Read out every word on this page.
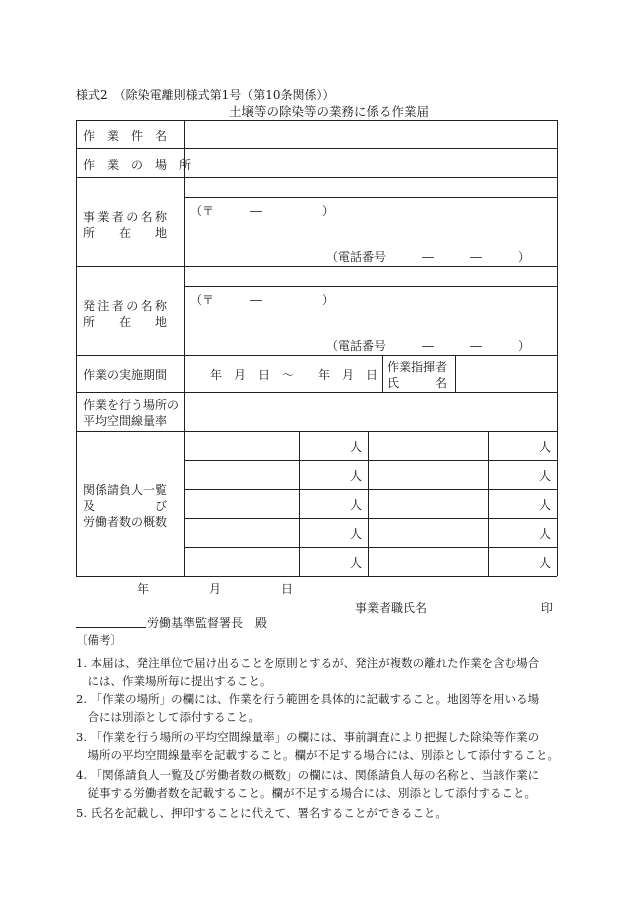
様式2　（除染電離則様式第1号（第10条関係））
土壌等の除染等の業務に係る作業届
作　業　件　名
作　業　の　場　所
事 業 者 の 名 称
所　　在　　地
（〒　　　―　　　　　）
（電話番号　　　―　　　―　　　）
発 注 者 の 名 称
所　　在　　地
（〒　　　―　　　　　）
（電話番号　　　―　　　―　　　）
作業の実施期間	年　月　日　〜　　年　月　日
作業指揮者
氏　　　名
作業を行う場所の
平均空間線量率
関係請負人一覧
及　　　　　び
労働者数の概数
人
人
人
人
人
人
人
人
人
人
年　　　　　月　　　　　日
事業者職氏名	印
労働基準監督署長　殿
〔備考〕
1. 本届は、発注単位で届け出ることを原則とするが、発注が複数の離れた作業を含む場合
　には、作業場所毎に提出すること。
2. 「作業の場所」の欄には、作業を行う範囲を具体的に記載すること。地図等を用いる場
　合には別添として添付すること。
3. 「作業を行う場所の平均空間線量率」の欄には、事前調査により把握した除染等作業の
　場所の平均空間線量率を記載すること。欄が不足する場合には、別添として添付すること。
4. 「関係請負人一覧及び労働者数の概数」の欄には、関係請負人毎の名称と、当該作業に
　従事する労働者数を記載すること。欄が不足する場合には、別添として添付すること。
5. 氏名を記載し、押印することに代えて、署名することができること。
